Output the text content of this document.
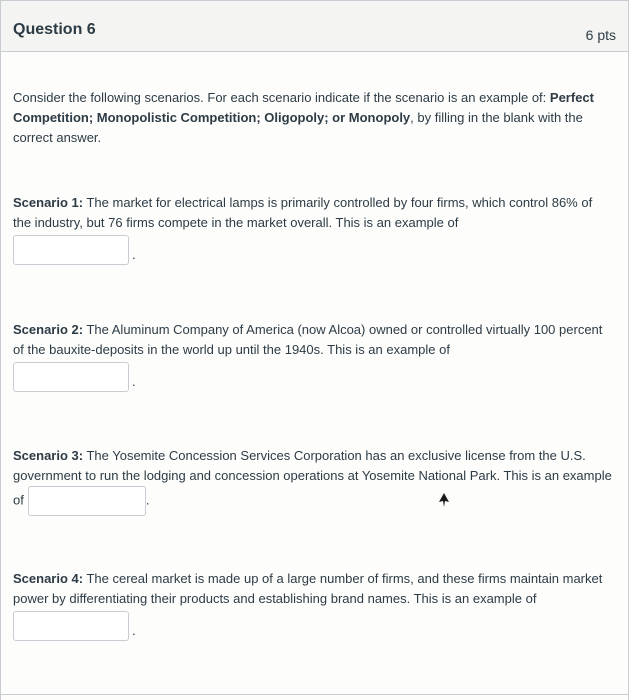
Question 6	6 pts
Consider the following scenarios. For each scenario indicate if the scenario is an example of: Perfect Competition; Monopolistic Competition; Oligopoly; or Monopoly, by filling in the blank with the correct answer.
Scenario 1: The market for electrical lamps is primarily controlled by four firms, which control 86% of the industry, but 76 firms compete in the market overall. This is an example of
.
Scenario 2: The Aluminum Company of America (now Alcoa) owned or controlled virtually 100 percent of the bauxite-deposits in the world up until the 1940s. This is an example of
.
Scenario 3: The Yosemite Concession Services Corporation has an exclusive license from the U.S. government to run the lodging and concession operations at Yosemite National Park. This is an example of	.
Scenario 4: The cereal market is made up of a large number of firms, and these firms maintain market power by differentiating their products and establishing brand names. This is an example of
.
